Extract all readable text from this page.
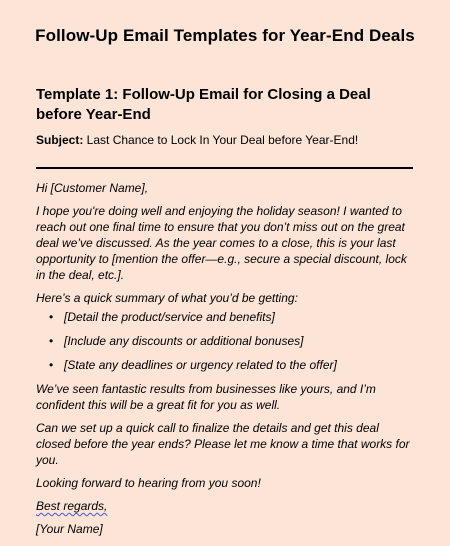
Follow-Up Email Templates for Year-End Deals
Template 1: Follow-Up Email for Closing a Deal before Year-End
Subject: Last Chance to Lock In Your Deal before Year-End!

Hi [Customer Name],

I hope you're doing well and enjoying the holiday season! I wanted to reach out one final time to ensure that you don’t miss out on the great deal we’ve discussed. As the year comes to a close, this is your last opportunity to [mention the offer—e.g., secure a special discount, lock in the deal, etc.].

Here’s a quick summary of what you’d be getting:

• [Detail the product/service and benefits]
• [Include any discounts or additional bonuses]
• [State any deadlines or urgency related to the offer]

We’ve seen fantastic results from businesses like yours, and I’m confident this will be a great fit for you as well.

Can we set up a quick call to finalize the details and get this deal closed before the year ends? Please let me know a time that works for you.

Looking forward to hearing from you soon!

Best regards,

[Your Name]
